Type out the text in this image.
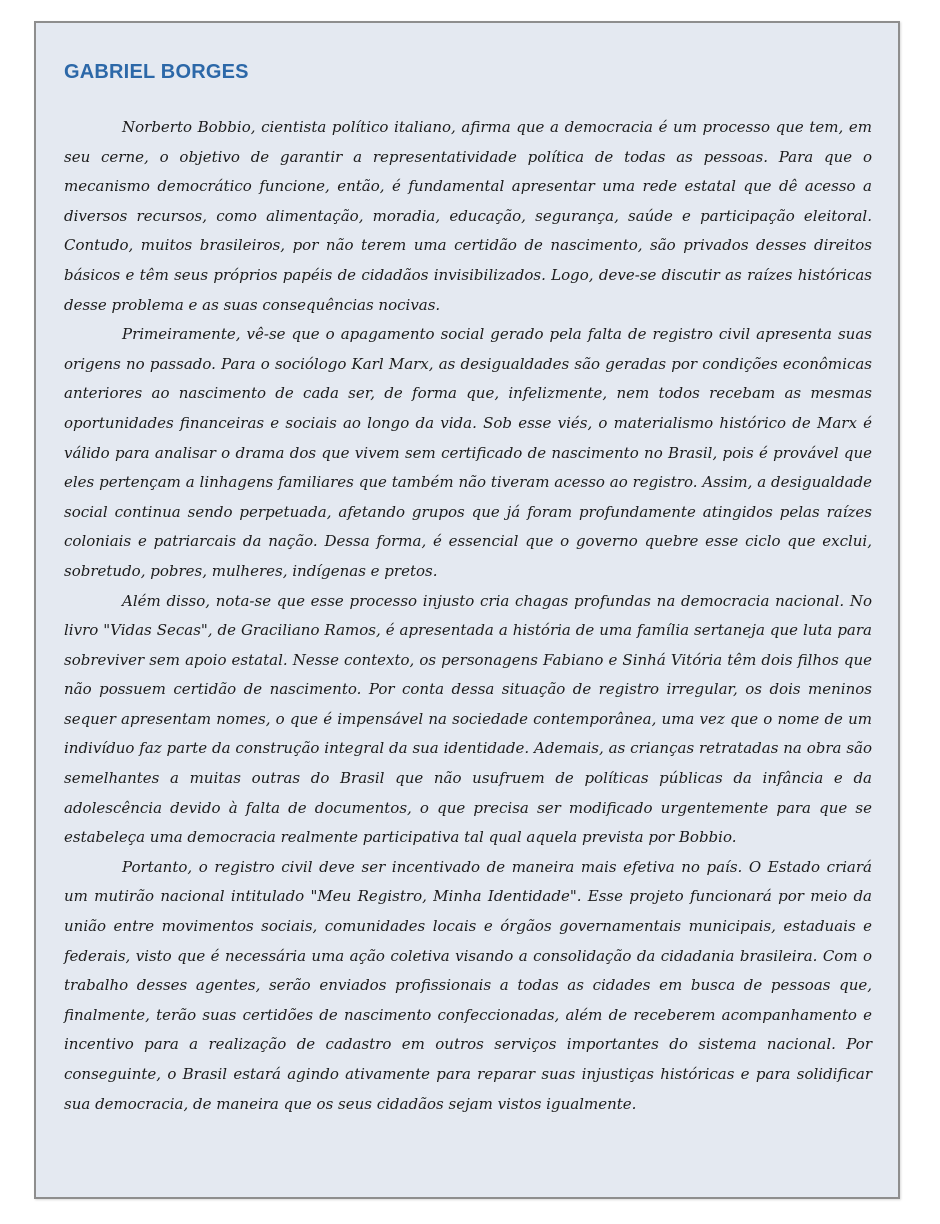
GABRIEL BORGES

Norberto Bobbio, cientista político italiano, afirma que a democracia é um processo que tem, em seu cerne, o objetivo de garantir a representatividade política de todas as pessoas. Para que o mecanismo democrático funcione, então, é fundamental apresentar uma rede estatal que dê acesso a diversos recursos, como alimentação, moradia, educação, segurança, saúde e participação eleitoral. Contudo, muitos brasileiros, por não terem uma certidão de nascimento, são privados desses direitos básicos e têm seus próprios papéis de cidadãos invisibilizados. Logo, deve-se discutir as raízes históricas desse problema e as suas consequências nocivas.

Primeiramente, vê-se que o apagamento social gerado pela falta de registro civil apresenta suas origens no passado. Para o sociólogo Karl Marx, as desigualdades são geradas por condições econômicas anteriores ao nascimento de cada ser, de forma que, infelizmente, nem todos recebam as mesmas oportunidades financeiras e sociais ao longo da vida. Sob esse viés, o materialismo histórico de Marx é válido para analisar o drama dos que vivem sem certificado de nascimento no Brasil, pois é provável que eles pertençam a linhagens familiares que também não tiveram acesso ao registro. Assim, a desigualdade social continua sendo perpetuada, afetando grupos que já foram profundamente atingidos pelas raízes coloniais e patriarcais da nação. Dessa forma, é essencial que o governo quebre esse ciclo que exclui, sobretudo, pobres, mulheres, indígenas e pretos.

Além disso, nota-se que esse processo injusto cria chagas profundas na democracia nacional. No livro "Vidas Secas", de Graciliano Ramos, é apresentada a história de uma família sertaneja que luta para sobreviver sem apoio estatal. Nesse contexto, os personagens Fabiano e Sinhá Vitória têm dois filhos que não possuem certidão de nascimento. Por conta dessa situação de registro irregular, os dois meninos sequer apresentam nomes, o que é impensável na sociedade contemporânea, uma vez que o nome de um indivíduo faz parte da construção integral da sua identidade. Ademais, as crianças retratadas na obra são semelhantes a muitas outras do Brasil que não usufruem de políticas públicas da infância e da adolescência devido à falta de documentos, o que precisa ser modificado urgentemente para que se estabeleça uma democracia realmente participativa tal qual aquela prevista por Bobbio.

Portanto, o registro civil deve ser incentivado de maneira mais efetiva no país. O Estado criará um mutirão nacional intitulado "Meu Registro, Minha Identidade". Esse projeto funcionará por meio da união entre movimentos sociais, comunidades locais e órgãos governamentais municipais, estaduais e federais, visto que é necessária uma ação coletiva visando a consolidação da cidadania brasileira. Com o trabalho desses agentes, serão enviados profissionais a todas as cidades em busca de pessoas que, finalmente, terão suas certidões de nascimento confeccionadas, além de receberem acompanhamento e incentivo para a realização de cadastro em outros serviços importantes do sistema nacional. Por conseguinte, o Brasil estará agindo ativamente para reparar suas injustiças históricas e para solidificar sua democracia, de maneira que os seus cidadãos sejam vistos igualmente.
